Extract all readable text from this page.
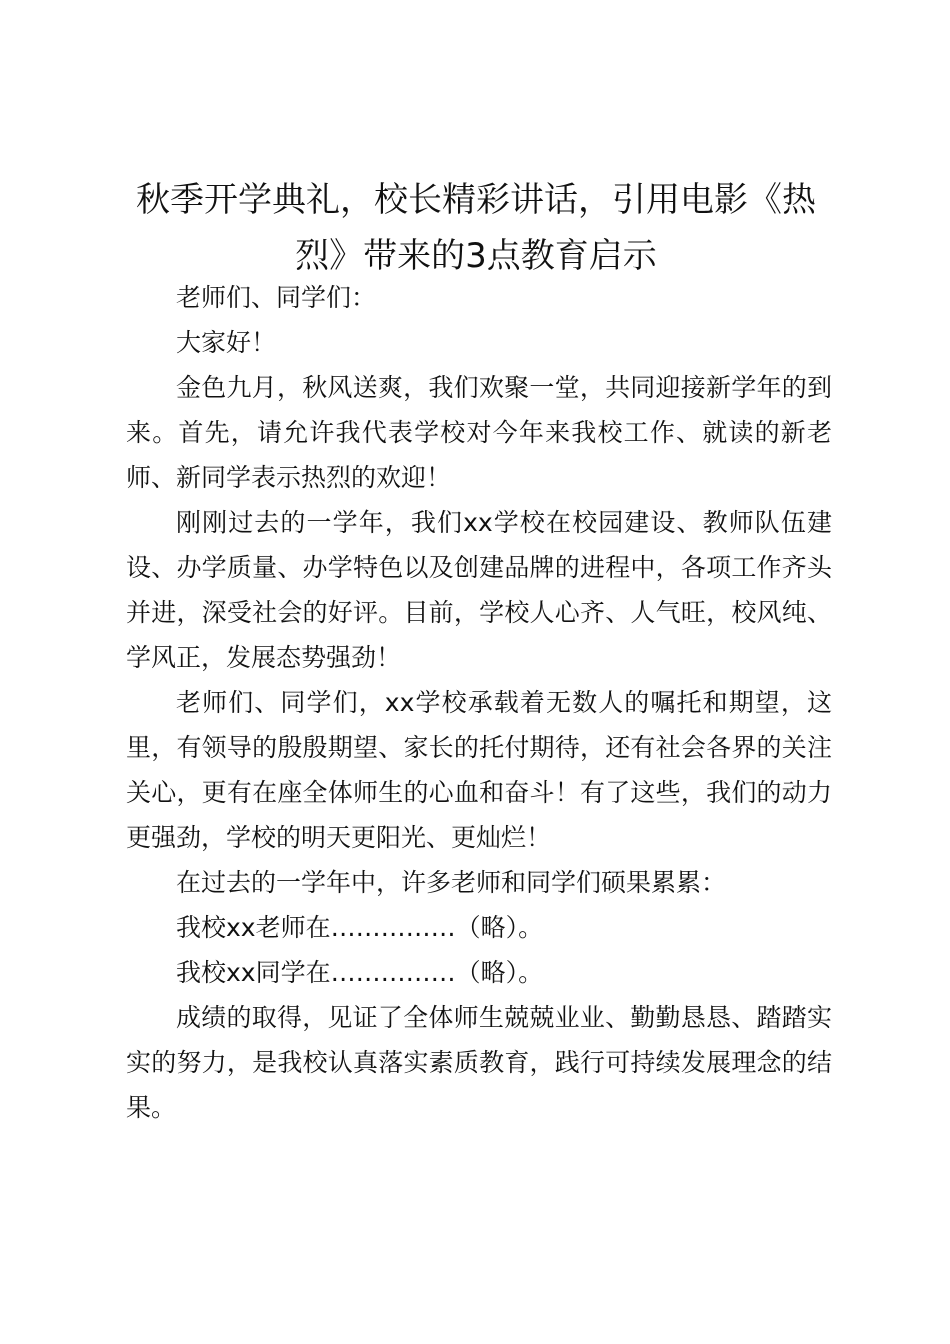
秋季开学典礼，校长精彩讲话，引用电影《热烈》带来的3点教育启示

老师们、同学们：

大家好！

金色九月，秋风送爽，我们欢聚一堂，共同迎接新学年的到来。首先，请允许我代表学校对今年来我校工作、就读的新老师、新同学表示热烈的欢迎！

刚刚过去的一学年，我们xx学校在校园建设、教师队伍建设、办学质量、办学特色以及创建品牌的进程中，各项工作齐头并进，深受社会的好评。目前，学校人心齐、人气旺，校风纯、学风正，发展态势强劲！

老师们、同学们，xx学校承载着无数人的嘱托和期望，这里，有领导的殷殷期望、家长的托付期待，还有社会各界的关注关心，更有在座全体师生的心血和奋斗！有了这些，我们的动力更强劲，学校的明天更阳光、更灿烂！

在过去的一学年中，许多老师和同学们硕果累累：

我校xx老师在……………（略）。

我校xx同学在……………（略）。

成绩的取得，见证了全体师生兢兢业业、勤勤恳恳、踏踏实实的努力，是我校认真落实素质教育，践行可持续发展理念的结果。
